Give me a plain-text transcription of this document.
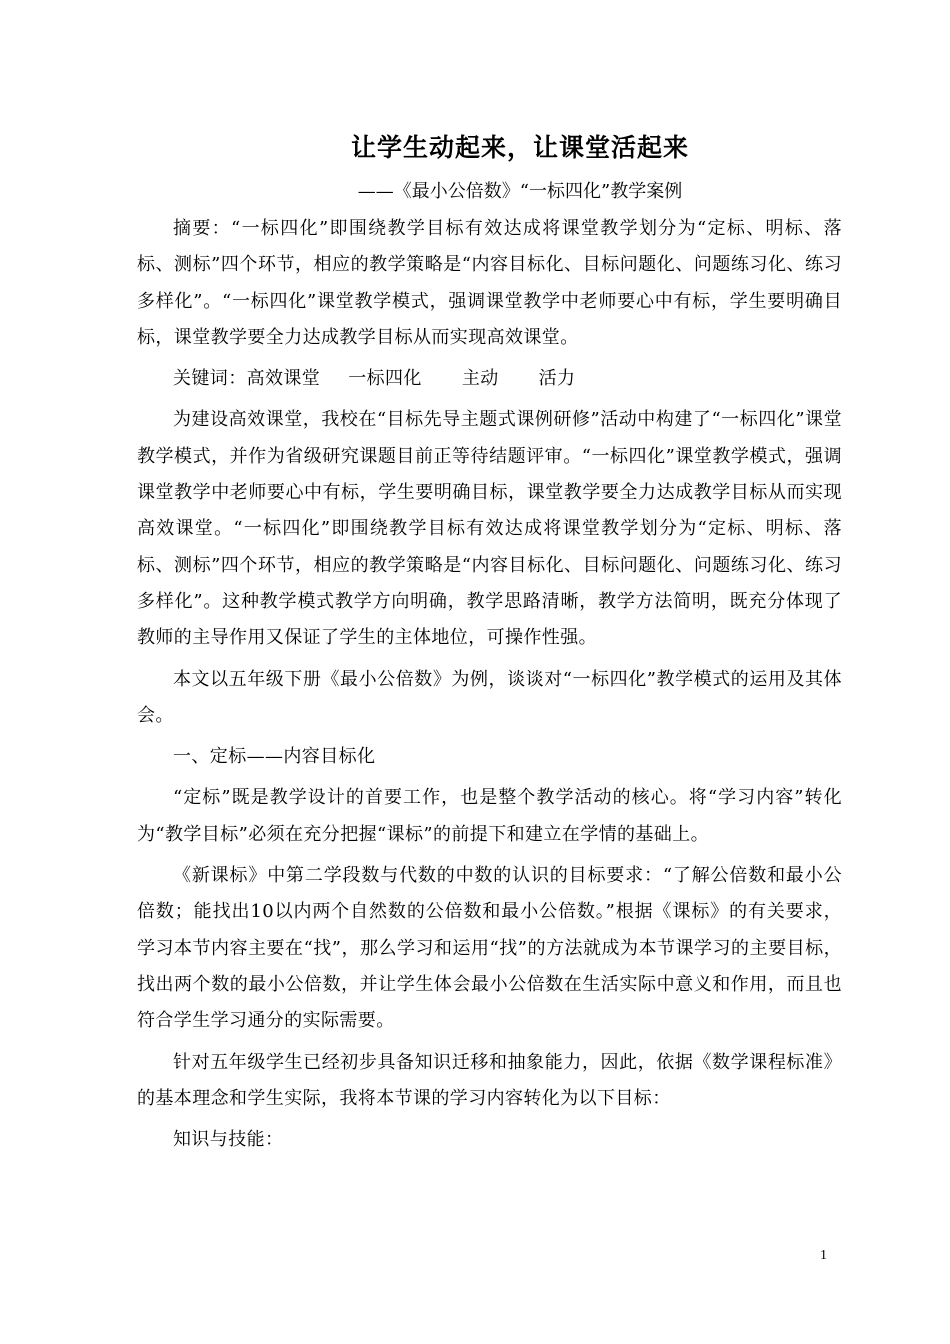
让学生动起来，让课堂活起来
——《最小公倍数》“一标四化”教学案例

摘要：“一标四化”即围绕教学目标有效达成将课堂教学划分为“定标、明标、落标、测标”四个环节，相应的教学策略是“内容目标化、目标问题化、问题练习化、练习多样化”。“一标四化”课堂教学模式，强调课堂教学中老师要心中有标，学生要明确目标，课堂教学要全力达成教学目标从而实现高效课堂。

关键词：高效课堂 一标四化 主动 活力

为建设高效课堂，我校在“目标先导主题式课例研修”活动中构建了“一标四化”课堂教学模式，并作为省级研究课题目前正等待结题评审。“一标四化”课堂教学模式，强调课堂教学中老师要心中有标，学生要明确目标，课堂教学要全力达成教学目标从而实现高效课堂。“一标四化”即围绕教学目标有效达成将课堂教学划分为“定标、明标、落标、测标”四个环节，相应的教学策略是“内容目标化、目标问题化、问题练习化、练习多样化”。这种教学模式教学方向明确，教学思路清晰，教学方法简明，既充分体现了教师的主导作用又保证了学生的主体地位，可操作性强。

本文以五年级下册《最小公倍数》为例，谈谈对“一标四化”教学模式的运用及其体会。

一、定标——内容目标化

“定标”既是教学设计的首要工作，也是整个教学活动的核心。将“学习内容”转化为“教学目标”必须在充分把握“课标”的前提下和建立在学情的基础上。

《新课标》中第二学段数与代数的中数的认识的目标要求：“了解公倍数和最小公倍数；能找出10以内两个自然数的公倍数和最小公倍数。”根据《课标》的有关要求，学习本节内容主要在“找”，那么学习和运用“找”的方法就成为本节课学习的主要目标，找出两个数的最小公倍数，并让学生体会最小公倍数在生活实际中意义和作用，而且也符合学生学习通分的实际需要。

针对五年级学生已经初步具备知识迁移和抽象能力，因此，依据《数学课程标准》的基本理念和学生实际，我将本节课的学习内容转化为以下目标：

知识与技能：

1
